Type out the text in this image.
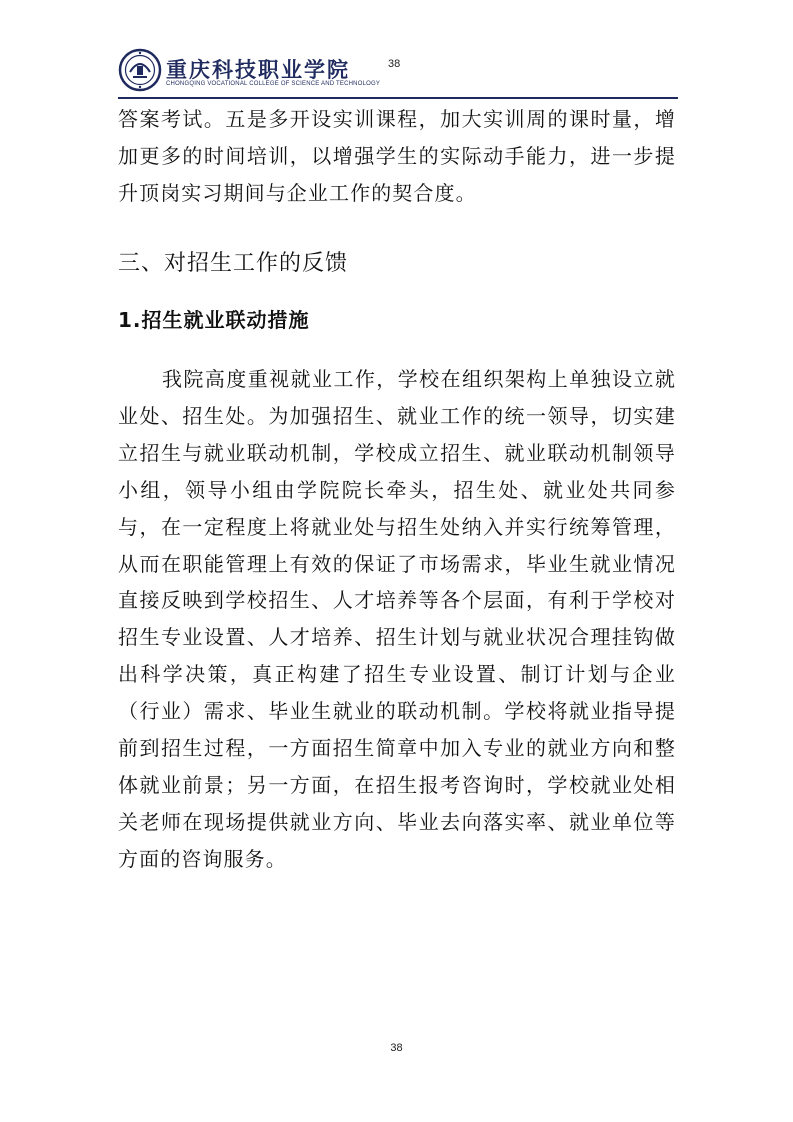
重庆科技职业学院
CHONGQING VOCATIONAL COLLEGE OF SCIENCE AND TECHNOLOGY
38

答案考试。五是多开设实训课程，加大实训周的课时量，增加更多的时间培训，以增强学生的实际动手能力，进一步提升顶岗实习期间与企业工作的契合度。

三、对招生工作的反馈
1.招生就业联动措施

我院高度重视就业工作，学校在组织架构上单独设立就业处、招生处。为加强招生、就业工作的统一领导，切实建立招生与就业联动机制，学校成立招生、就业联动机制领导小组，领导小组由学院院长牵头，招生处、就业处共同参与，在一定程度上将就业处与招生处纳入并实行统筹管理，从而在职能管理上有效的保证了市场需求，毕业生就业情况直接反映到学校招生、人才培养等各个层面，有利于学校对招生专业设置、人才培养、招生计划与就业状况合理挂钩做出科学决策，真正构建了招生专业设置、制订计划与企业（行业）需求、毕业生就业的联动机制。学校将就业指导提前到招生过程，一方面招生简章中加入专业的就业方向和整体就业前景；另一方面，在招生报考咨询时，学校就业处相关老师在现场提供就业方向、毕业去向落实率、就业单位等方面的咨询服务。

38
